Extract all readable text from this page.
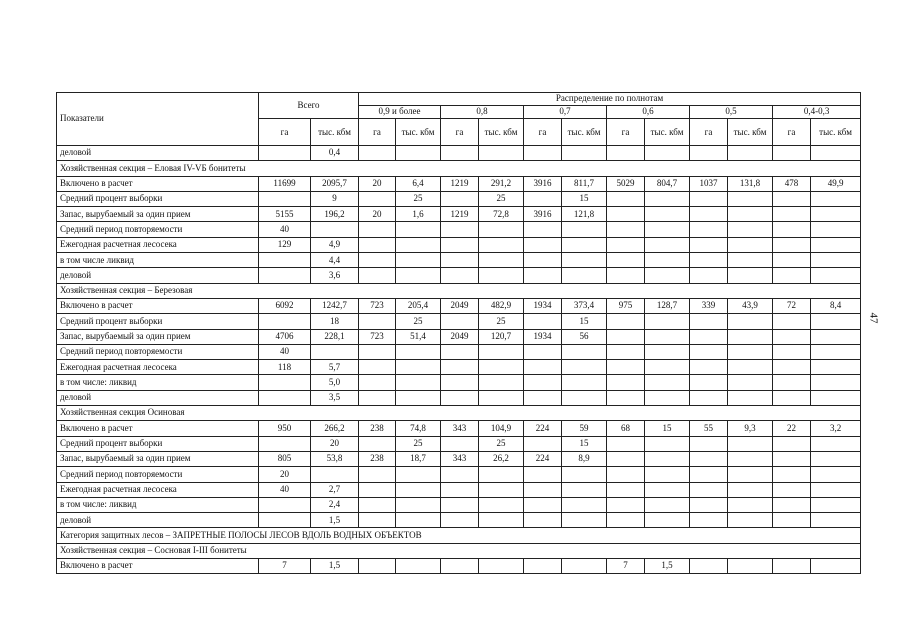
Показатели	Всего		Распределение по полнотам											
			0,9 и более		0,8		0,7		0,6		0,5		0,4-0,3	
	га	тыс. кбм	га	тыс. кбм	га	тыс. кбм	га	тыс. кбм	га	тыс. кбм	га	тыс. кбм	га	тыс. кбм
деловой		0,4												
Хозяйственная секция – Еловая IV-VБ бонитеты														
Включено в расчет	11699	2095,7	20	6,4	1219	291,2	3916	811,7	5029	804,7	1037	131,8	478	49,9
Средний процент выборки		9		25		25		15						
Запас, вырубаемый за один прием	5155	196,2	20	1,6	1219	72,8	3916	121,8						
Средний период повторяемости	40													
Ежегодная расчетная лесосека	129	4,9												
в том числе ликвид		4,4												
деловой		3,6												
Хозяйственная секция – Березовая														
Включено в расчет	6092	1242,7	723	205,4	2049	482,9	1934	373,4	975	128,7	339	43,9	72	8,4
Средний процент выборки		18		25		25		15						
Запас, вырубаемый за один прием	4706	228,1	723	51,4	2049	120,7	1934	56						
Средний период повторяемости	40													
Ежегодная расчетная лесосека	118	5,7												
в том числе: ликвид		5,0												
деловой		3,5												
Хозяйственная секция Осиновая														
Включено в расчет	950	266,2	238	74,8	343	104,9	224	59	68	15	55	9,3	22	3,2
Средний процент выборки		20		25		25		15						
Запас, вырубаемый за один прием	805	53,8	238	18,7	343	26,2	224	8,9						
Средний период повторяемости	20													
Ежегодная расчетная лесосека	40	2,7												
в том числе: ликвид		2,4												
деловой		1,5												
Категория защитных лесов – ЗАПРЕТНЫЕ ПОЛОСЫ ЛЕСОВ ВДОЛЬ ВОДНЫХ ОБЪЕКТОВ														
Хозяйственная секция – Сосновая I-III бонитеты														
Включено в расчет	7	1,5							7	1,5				
47
